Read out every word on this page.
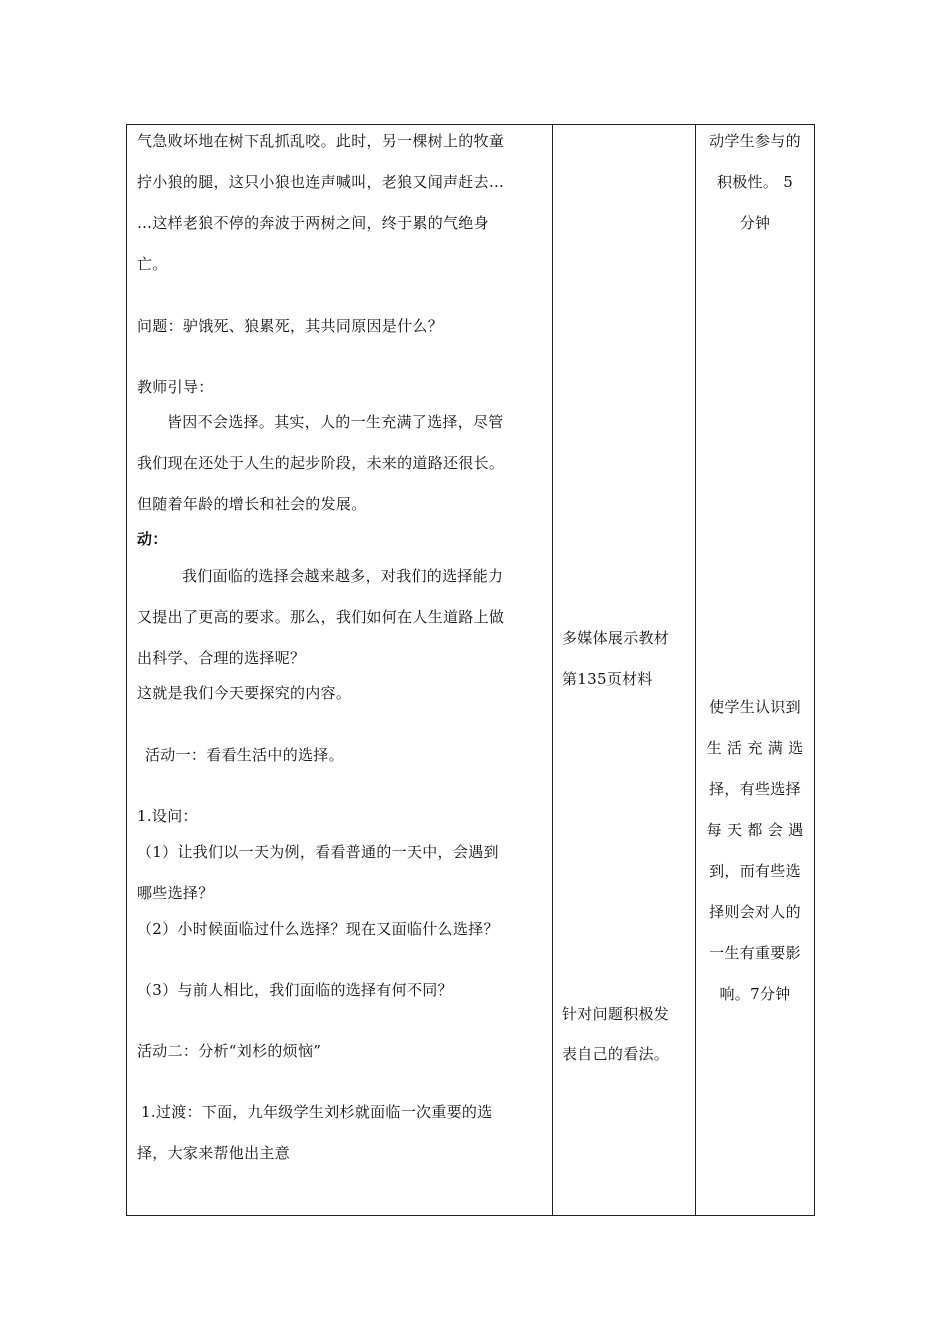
气急败坏地在树下乱抓乱咬。此时，另一棵树上的牧童
拧小狼的腿，这只小狼也连声喊叫，老狼又闻声赶去…
…这样老狼不停的奔波于两树之间，终于累的气绝身
亡。
问题：驴饿死、狼累死，其共同原因是什么？
教师引导：
皆因不会选择。其实，人的一生充满了选择，尽管
我们现在还处于人生的起步阶段，未来的道路还很长。
但随着年龄的增长和社会的发展。
动：
我们面临的选择会越来越多，对我们的选择能力
又提出了更高的要求。那么，我们如何在人生道路上做
出科学、合理的选择呢？
这就是我们今天要探究的内容。
活动一：看看生活中的选择。
1.设问：
（1）让我们以一天为例，看看普通的一天中，会遇到
哪些选择？
（2）小时候面临过什么选择？现在又面临什么选择？
（3）与前人相比，我们面临的选择有何不同？
活动二：分析“刘杉的烦恼”
1.过渡：下面，九年级学生刘杉就面临一次重要的选
择，大家来帮他出主意
多媒体展示教材
第135页材料
针对问题积极发
表自己的看法。
动学生参与的
积极性。 5
分钟
使学生认识到
生 活 充 满 选
择，有些选择
每 天 都 会 遇
到，而有些选
择则会对人的
一生有重要影
响。7分钟
